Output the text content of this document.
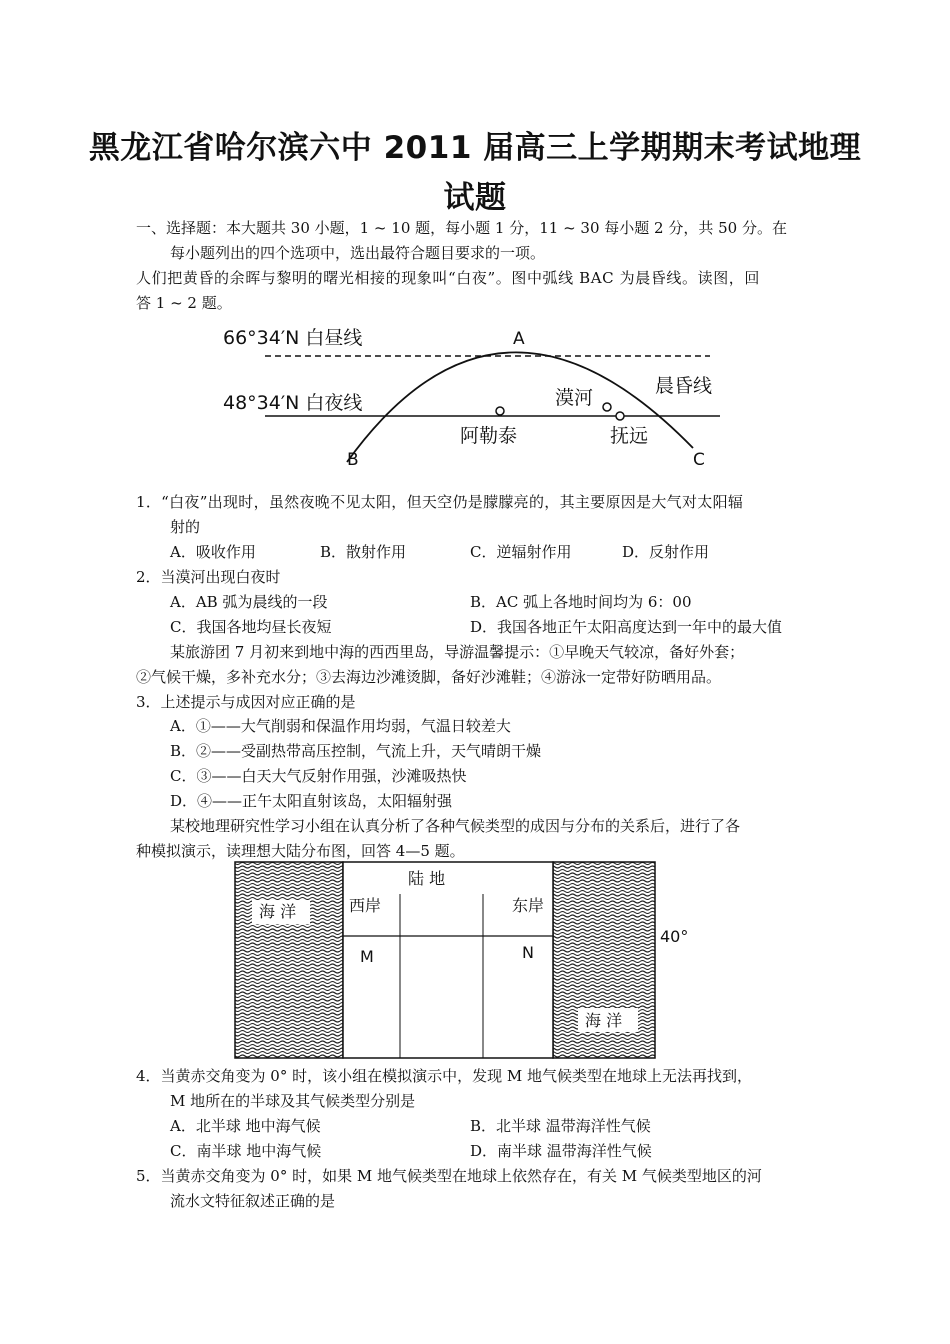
黑龙江省哈尔滨六中 2011 届高三上学期期末考试地理
试题
一、选择题：本大题共 30 小题，1 ~ 10 题，每小题 1 分，11 ~ 30 每小题 2 分，共 50 分。在
每小题列出的四个选项中，选出最符合题目要求的一项。
人们把黄昏的余晖与黎明的曙光相接的现象叫“白夜”。图中弧线 BAC 为晨昏线。读图，回
答 1 ~ 2 题。
66°34′N 白昼线	A
48°34′N 白夜线
B	C
漠河
晨昏线
阿勒泰	抚远
1．“白夜”出现时，虽然夜晚不见太阳，但天空仍是朦朦亮的，其主要原因是大气对太阳辐
射的
A．吸收作用	B．散射作用	C．逆辐射作用	D．反射作用
2．当漠河出现白夜时
A．AB 弧为晨线的一段	B．AC 弧上各地时间均为 6：00
C．我国各地均昼长夜短	D．我国各地正午太阳高度达到一年中的最大值
某旅游团 7 月初来到地中海的西西里岛，导游温馨提示：①早晚天气较凉，备好外套；
②气候干燥，多补充水分；③去海边沙滩烫脚，备好沙滩鞋；④游泳一定带好防晒用品。
3．上述提示与成因对应正确的是
A．①——大气削弱和保温作用均弱，气温日较差大
B．②——受副热带高压控制，气流上升，天气晴朗干燥
C．③——白天大气反射作用强，沙滩吸热快
D．④——正午太阳直射该岛，太阳辐射强
某校地理研究性学习小组在认真分析了各种气候类型的成因与分布的关系后，进行了各
种模拟演示，读理想大陆分布图，回答 4—5 题。
海 洋
海 洋
陆 地
西岸	东岸
40°
M	N
4．当黄赤交角变为 0° 时，该小组在模拟演示中，发现 M 地气候类型在地球上无法再找到，
M 地所在的半球及其气候类型分别是
A．北半球 地中海气候	B．北半球 温带海洋性气候
C．南半球 地中海气候	D．南半球 温带海洋性气候
5．当黄赤交角变为 0° 时，如果 M 地气候类型在地球上依然存在，有关 M 气候类型地区的河
流水文特征叙述正确的是
